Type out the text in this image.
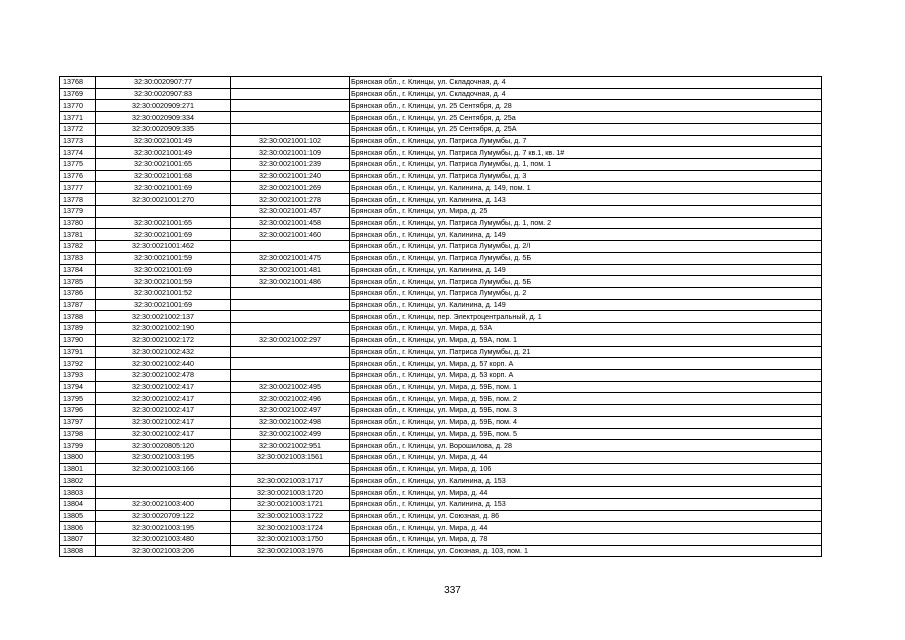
13768	32:30:0020907:77		Брянская обл., г. Клинцы, ул. Складочная, д. 4
13769	32:30:0020907:83		Брянская обл., г. Клинцы, ул. Складочная, д. 4
13770	32:30:0020909:271		Брянская обл., г. Клинцы, ул. 25 Сентября, д. 28
13771	32:30:0020909:334		Брянская обл., г. Клинцы, ул. 25 Сентября, д. 25а
13772	32:30:0020909:335		Брянская обл., г. Клинцы, ул. 25 Сентября, д. 25А
13773	32:30:0021001:49	32:30:0021001:102	Брянская обл., г. Клинцы, ул. Патриса Лумумбы, д. 7
13774	32:30:0021001:49	32:30:0021001:109	Брянская обл., г. Клинцы, ул. Патриса Лумумбы, д. 7 кв.1, кв. 1#
13775	32:30:0021001:65	32:30:0021001:239	Брянская обл., г. Клинцы, ул. Патриса Лумумбы, д. 1, пом. 1
13776	32:30:0021001:68	32:30:0021001:240	Брянская обл., г. Клинцы, ул. Патриса Лумумбы, д. 3
13777	32:30:0021001:69	32:30:0021001:269	Брянская обл., г. Клинцы, ул. Калинина, д. 149, пом. 1
13778	32:30:0021001:270	32:30:0021001:278	Брянская обл., г. Клинцы, ул. Калинина, д. 143
13779		32:30:0021001:457	Брянская обл., г. Клинцы, ул. Мира, д. 25
13780	32:30:0021001:65	32:30:0021001:458	Брянская обл., г. Клинцы, ул. Патриса Лумумбы, д. 1, пом. 2
13781	32:30:0021001:69	32:30:0021001:460	Брянская обл., г. Клинцы, ул. Калинина, д. 149
13782	32:30:0021001:462		Брянская обл., г. Клинцы, ул. Патриса Лумумбы, д. 2/I
13783	32:30:0021001:59	32:30:0021001:475	Брянская обл., г. Клинцы, ул. Патриса Лумумбы, д. 5Б
13784	32:30:0021001:69	32:30:0021001:481	Брянская обл., г. Клинцы, ул. Калинина, д. 149
13785	32:30:0021001:59	32:30:0021001:486	Брянская обл., г. Клинцы, ул. Патриса Лумумбы, д. 5Б
13786	32:30:0021001:52		Брянская обл., г. Клинцы, ул. Патриса Лумумбы, д. 2
13787	32:30:0021001:69		Брянская обл., г. Клинцы, ул. Калинина, д. 149
13788	32:30:0021002:137		Брянская обл., г. Клинцы, пер. Электроцентральный, д. 1
13789	32:30:0021002:190		Брянская обл., г. Клинцы, ул. Мира, д. 53А
13790	32:30:0021002:172	32:30:0021002:297	Брянская обл., г. Клинцы, ул. Мира, д. 59А, пом. 1
13791	32:30:0021002:432		Брянская обл., г. Клинцы, ул. Патриса Лумумбы, д. 21
13792	32:30:0021002:440		Брянская обл., г. Клинцы, ул. Мира, д. 57 корп. А
13793	32:30:0021002:478		Брянская обл., г. Клинцы, ул. Мира, д. 53 корп. А
13794	32:30:0021002:417	32:30:0021002:495	Брянская обл., г. Клинцы, ул. Мира, д. 59Б, пом. 1
13795	32:30:0021002:417	32:30:0021002:496	Брянская обл., г. Клинцы, ул. Мира, д. 59Б, пом. 2
13796	32:30:0021002:417	32:30:0021002:497	Брянская обл., г. Клинцы, ул. Мира, д. 59Б, пом. 3
13797	32:30:0021002:417	32:30:0021002:498	Брянская обл., г. Клинцы, ул. Мира, д. 59Б, пом. 4
13798	32:30:0021002:417	32:30:0021002:499	Брянская обл., г. Клинцы, ул. Мира, д. 59Б, пом. 5
13799	32:30:0020805:120	32:30:0021002:951	Брянская обл., г. Клинцы, ул. Ворошилова, д. 28
13800	32:30:0021003:195	32:30:0021003:1561	Брянская обл., г. Клинцы, ул. Мира, д. 44
13801	32:30:0021003:166		Брянская обл., г. Клинцы, ул. Мира, д. 106
13802		32:30:0021003:1717	Брянская обл., г. Клинцы, ул. Калинина, д. 153
13803		32:30:0021003:1720	Брянская обл., г. Клинцы, ул. Мира, д. 44
13804	32:30:0021003:400	32:30:0021003:1721	Брянская обл., г. Клинцы, ул. Калинина, д. 153
13805	32:30:0020709:122	32:30:0021003:1722	Брянская обл., г. Клинцы, ул. Союзная, д. 86
13806	32:30:0021003:195	32:30:0021003:1724	Брянская обл., г. Клинцы, ул. Мира, д. 44
13807	32:30:0021003:480	32:30:0021003:1750	Брянская обл., г. Клинцы, ул. Мира, д. 78
13808	32:30:0021003:206	32:30:0021003:1976	Брянская обл., г. Клинцы, ул. Союзная, д. 103, пом. 1
337
